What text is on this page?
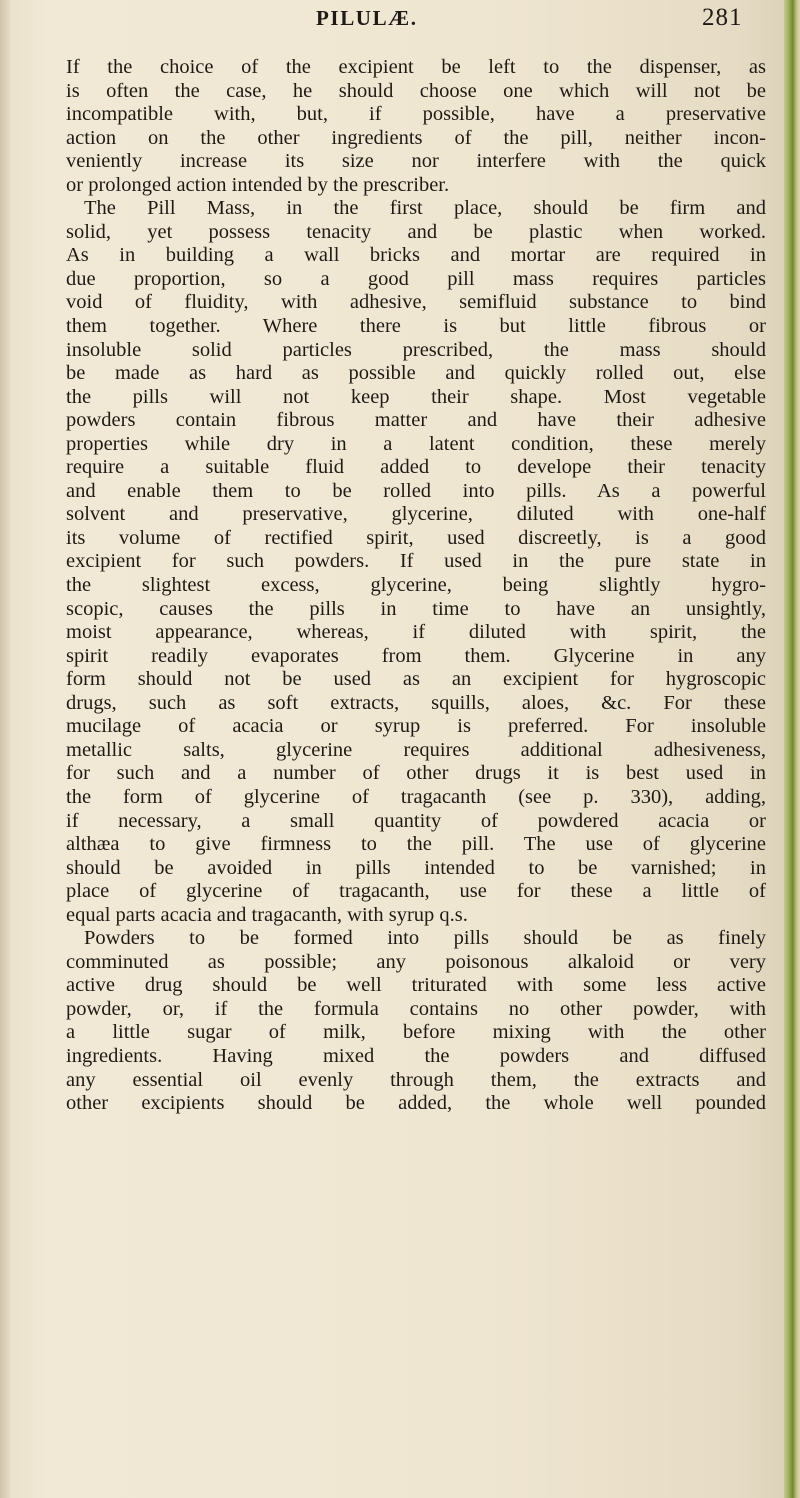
PILULÆ.	281
If the choice of the excipient be left to the dispenser, as
is often the case, he should choose one which will not be
incompatible with, but, if possible, have a preservative
action on the other ingredients of the pill, neither incon-
veniently increase its size nor interfere with the quick
or prolonged action intended by the prescriber.
The Pill Mass, in the first place, should be firm and
solid, yet possess tenacity and be plastic when worked.
As in building a wall bricks and mortar are required in
due proportion, so a good pill mass requires particles
void of fluidity, with adhesive, semifluid substance to bind
them together. Where there is but little fibrous or
insoluble solid particles prescribed, the mass should
be made as hard as possible and quickly rolled out, else
the pills will not keep their shape. Most vegetable
powders contain fibrous matter and have their adhesive
properties while dry in a latent condition, these merely
require a suitable fluid added to develope their tenacity
and enable them to be rolled into pills. As a powerful
solvent and preservative, glycerine, diluted with one-half
its volume of rectified spirit, used discreetly, is a good
excipient for such powders. If used in the pure state in
the slightest excess, glycerine, being slightly hygro-
scopic, causes the pills in time to have an unsightly,
moist appearance, whereas, if diluted with spirit, the
spirit readily evaporates from them. Glycerine in any
form should not be used as an excipient for hygroscopic
drugs, such as soft extracts, squills, aloes, &c. For these
mucilage of acacia or syrup is preferred. For insoluble
metallic salts, glycerine requires additional adhesiveness,
for such and a number of other drugs it is best used in
the form of glycerine of tragacanth (see p. 330), adding,
if necessary, a small quantity of powdered acacia or
althæa to give firmness to the pill. The use of glycerine
should be avoided in pills intended to be varnished; in
place of glycerine of tragacanth, use for these a little of
equal parts acacia and tragacanth, with syrup q.s.
Powders to be formed into pills should be as finely
comminuted as possible; any poisonous alkaloid or very
active drug should be well triturated with some less active
powder, or, if the formula contains no other powder, with
a little sugar of milk, before mixing with the other
ingredients. Having mixed the powders and diffused
any essential oil evenly through them, the extracts and
other excipients should be added, the whole well pounded
